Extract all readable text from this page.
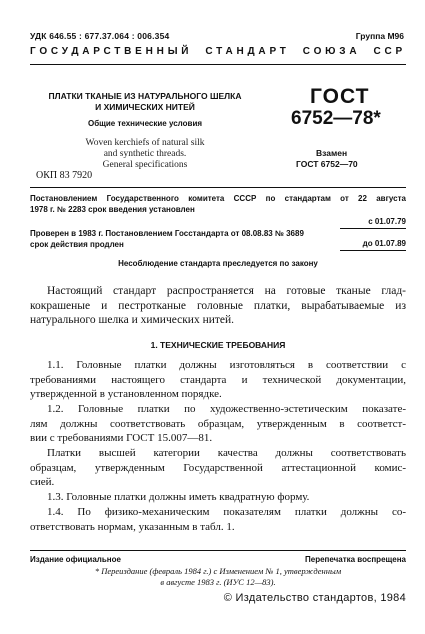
УДК 646.55 : 677.37.064 : 006.354	Группа М96
ГОСУДАРСТВЕННЫЙ СТАНДАРТ СОЮЗА ССР
ПЛАТКИ ТКАНЫЕ ИЗ НАТУРАЛЬНОГО ШЕЛКА
И ХИМИЧЕСКИХ НИТЕЙ
Общие технические условия
Woven kerchiefs of natural silk
and synthetic threads.
General specifications
ОКП 83 7920
ГОСТ
6752—78*
Взамен
ГОСТ 6752—70
Постановлением Государственного комитета СССР по стандартам от 22 августа
1978 г. № 2283 срок введения установлен
с 01.07.79
Проверен в 1983 г. Постановлением Госстандарта от 08.08.83 № 3689
срок действия продлен	до 01.07.89
Несоблюдение стандарта преследуется по закону

Настоящий стандарт распространяется на готовые тканые глад-
кокрашеные и пестротканые головные платки, вырабатываемые из
натурального шелка и химических нитей.

1. ТЕХНИЧЕСКИЕ ТРЕБОВАНИЯ

1.1. Головные платки должны изготовляться в соответствии с
требованиями настоящего стандарта и технической документации,
утвержденной в установленном порядке.

1.2. Головные платки по художественно-эстетическим показате-
лям должны соответствовать образцам, утвержденным в соответст-
вии с требованиями ГОСТ 15.007—81.

Платки высшей категории качества должны соответствовать
образцам, утвержденным Государственной аттестационной комис-
сией.

1.3. Головные платки должны иметь квадратную форму.

1.4. По физико-механическим показателям платки должны со-
ответствовать нормам, указанным в табл. 1.

Издание официальное	Перепечатка воспрещена
* Переиздание (февраль 1984 г.) с Изменением № 1, утвержденным
в августе 1983 г. (ИУС 12—83).
© Издательство стандартов, 1984
